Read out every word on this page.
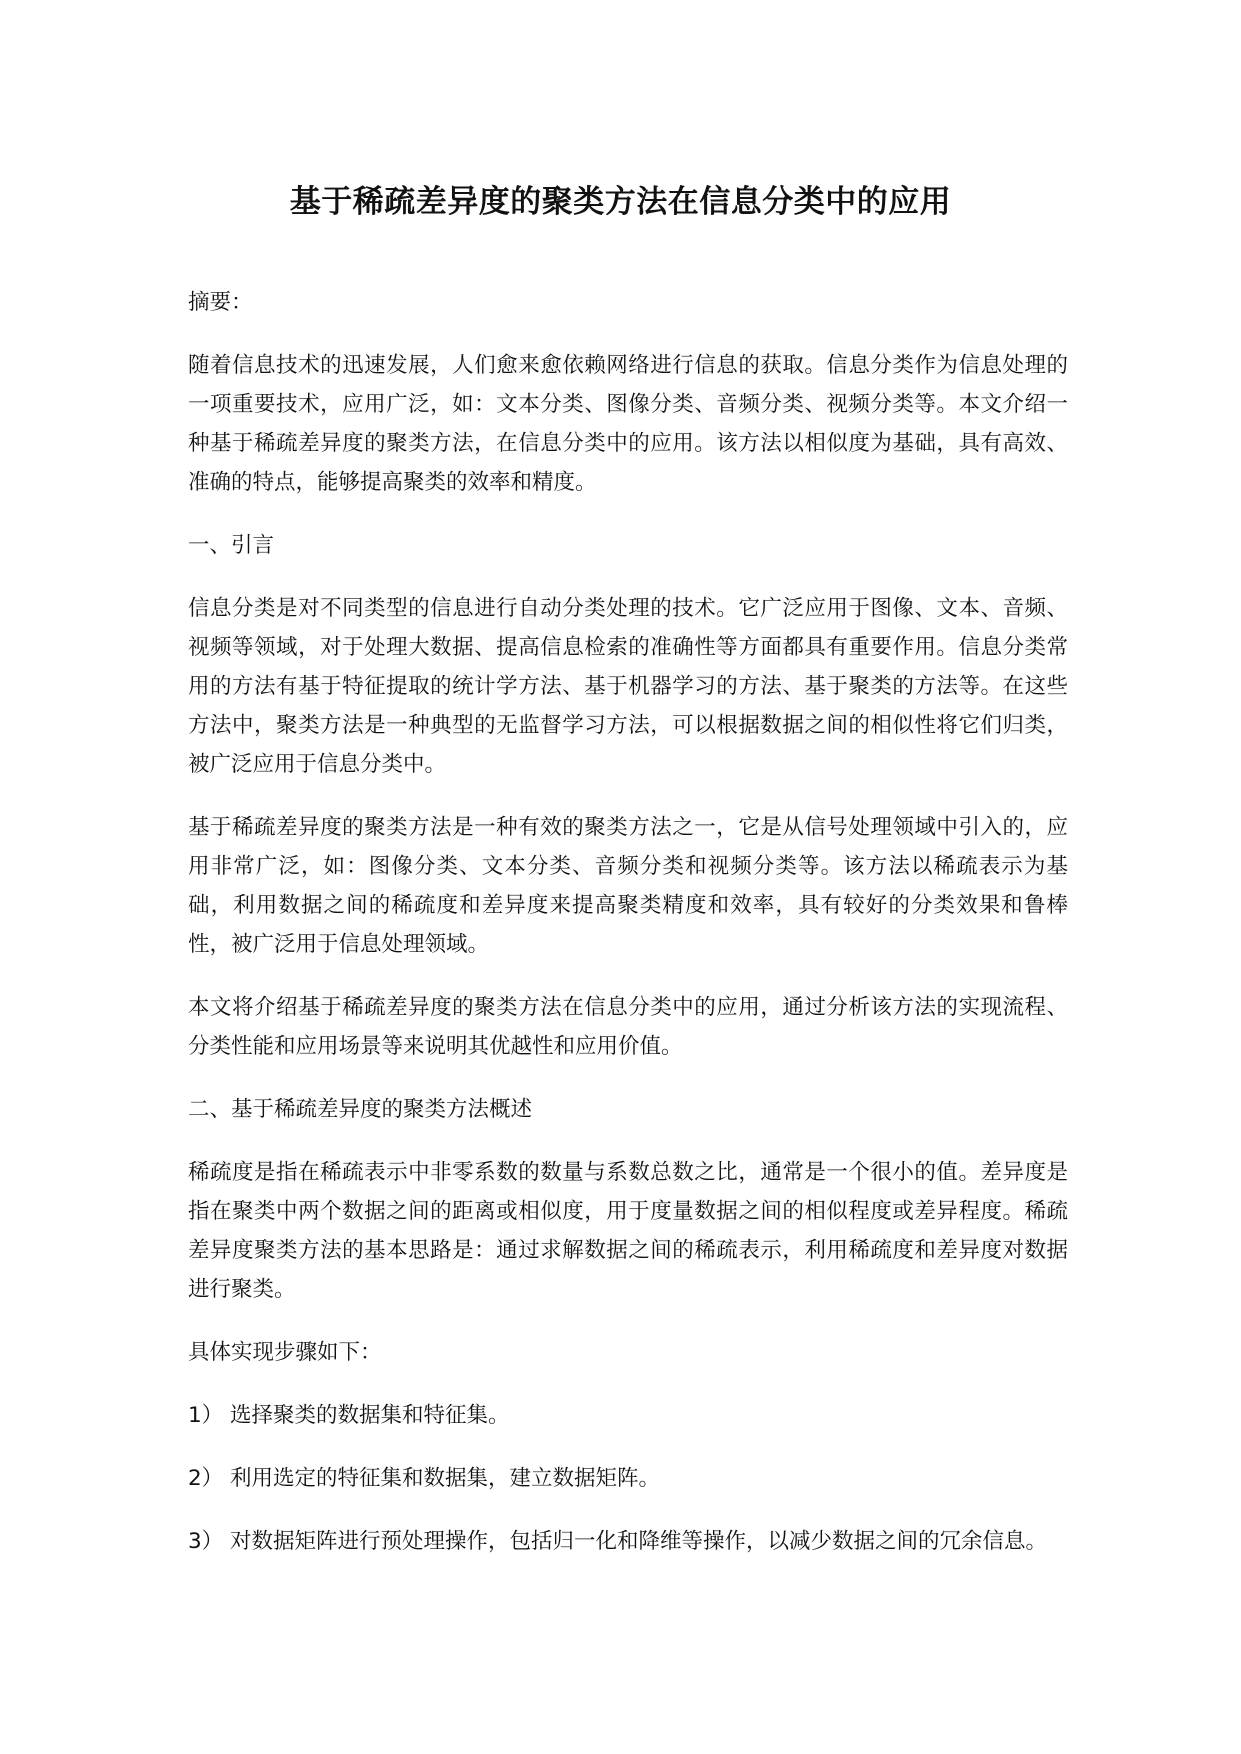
基于稀疏差异度的聚类方法在信息分类中的应用

摘要：

随着信息技术的迅速发展，人们愈来愈依赖网络进行信息的获取。信息分类作为信息处理的一项重要技术，应用广泛，如：文本分类、图像分类、音频分类、视频分类等。本文介绍一种基于稀疏差异度的聚类方法，在信息分类中的应用。该方法以相似度为基础，具有高效、准确的特点，能够提高聚类的效率和精度。

一、引言

信息分类是对不同类型的信息进行自动分类处理的技术。它广泛应用于图像、文本、音频、视频等领域，对于处理大数据、提高信息检索的准确性等方面都具有重要作用。信息分类常用的方法有基于特征提取的统计学方法、基于机器学习的方法、基于聚类的方法等。在这些方法中，聚类方法是一种典型的无监督学习方法，可以根据数据之间的相似性将它们归类，被广泛应用于信息分类中。

基于稀疏差异度的聚类方法是一种有效的聚类方法之一，它是从信号处理领域中引入的，应用非常广泛，如：图像分类、文本分类、音频分类和视频分类等。该方法以稀疏表示为基础，利用数据之间的稀疏度和差异度来提高聚类精度和效率，具有较好的分类效果和鲁棒性，被广泛用于信息处理领域。

本文将介绍基于稀疏差异度的聚类方法在信息分类中的应用，通过分析该方法的实现流程、分类性能和应用场景等来说明其优越性和应用价值。

二、基于稀疏差异度的聚类方法概述

稀疏度是指在稀疏表示中非零系数的数量与系数总数之比，通常是一个很小的值。差异度是指在聚类中两个数据之间的距离或相似度，用于度量数据之间的相似程度或差异程度。稀疏差异度聚类方法的基本思路是：通过求解数据之间的稀疏表示，利用稀疏度和差异度对数据进行聚类。

具体实现步骤如下：

1） 选择聚类的数据集和特征集。

2） 利用选定的特征集和数据集，建立数据矩阵。

3） 对数据矩阵进行预处理操作，包括归一化和降维等操作，以减少数据之间的冗余信息。
